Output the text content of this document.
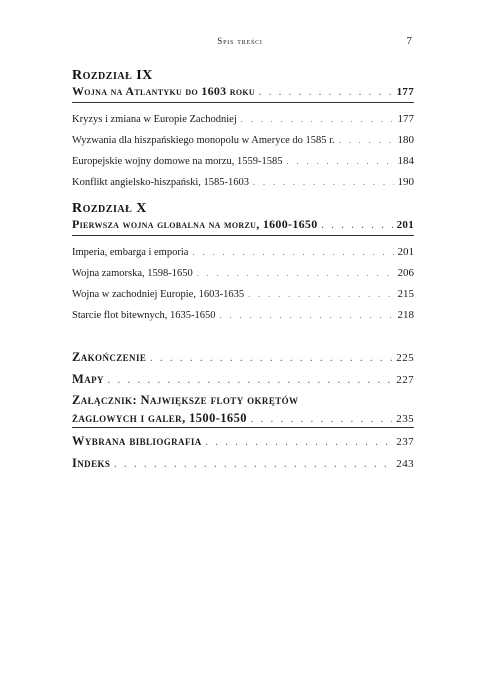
Spis treści	7
Rozdział IX
Wojna na Atlantyku do 1603 roku . . .	177
Kryzys i zmiana w Europie Zachodniej . . .	177
Wyzwania dla hiszpańskiego monopolu w Ameryce do 1585 r. . . .	180
Europejskie wojny domowe na morzu, 1559-1585 . . .	184
Konflikt angielsko-hiszpański, 1585-1603 . . .	190
Rozdział X
Pierwsza wojna globalna na morzu, 1600-1650 . . .	201
Imperia, embarga i emporia . . .	201
Wojna zamorska, 1598-1650 . . .	206
Wojna w zachodniej Europie, 1603-1635 . . .	215
Starcie flot bitewnych, 1635-1650 . . .	218
Zakończenie . . .	225
Mapy . . .	227
Załącznik: Największe floty okrętów
żaglowych i galer, 1500-1650 . . .	235
Wybrana bibliografia . . .	237
Indeks . . .	243
